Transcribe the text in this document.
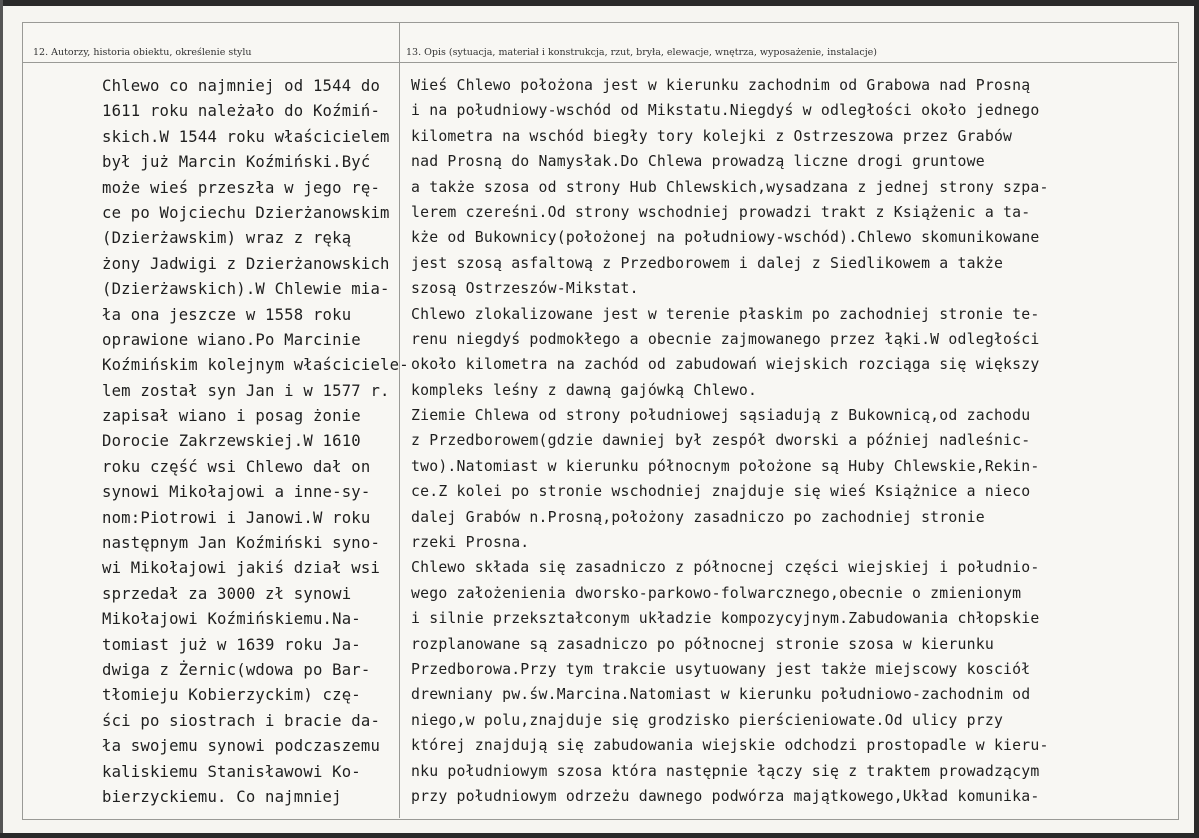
12. Autorzy, historia obiektu, określenie stylu	13. Opis (sytuacja, materiał i konstrukcja, rzut, bryła, elewacje, wnętrza, wyposażenie, instalacje)
Chlewo co najmniej od 1544 do
1611 roku należało do Koźmiń-
skich.W 1544 roku właścicielem
był już Marcin Koźmiński.Być
może wieś przeszła w jego rę-
ce po Wojciechu Dzierżanowskim
(Dzierżawskim) wraz z ręką
żony Jadwigi z Dzierżanowskich
(Dzierżawskich).W Chlewie mia-
ła ona jeszcze w 1558 roku
oprawione wiano.Po Marcinie
Koźmińskim kolejnym właściciele-
lem został syn Jan i w 1577 r.
zapisał wiano i posag żonie
Dorocie Zakrzewskiej.W 1610
roku część wsi Chlewo dał on
synowi Mikołajowi a inne-sy-
nom:Piotrowi i Janowi.W roku
następnym Jan Koźmiński syno-
wi Mikołajowi jakiś dział wsi
sprzedał za 3000 zł synowi
Mikołajowi Koźmińskiemu.Na-
tomiast już w 1639 roku Ja-
dwiga z Żernic(wdowa po Bar-
tłomieju Kobierzyckim) czę-
ści po siostrach i bracie da-
ła swojemu synowi podczaszemu
kaliskiemu Stanisławowi Ko-
bierzyckiemu. Co najmniej
Wieś Chlewo położona jest w kierunku zachodnim od Grabowa nad Prosną
i na południowy-wschód od Mikstatu.Niegdyś w odległości około jednego
kilometra na wschód biegły tory kolejki z Ostrzeszowa przez Grabów
nad Prosną do Namysłak.Do Chlewa prowadzą liczne drogi gruntowe
a także szosa od strony Hub Chlewskich,wysadzana z jednej strony szpa-
lerem czereśni.Od strony wschodniej prowadzi trakt z Książenic a ta-
kże od Bukownicy(położonej na południowy-wschód).Chlewo skomunikowane
jest szosą asfaltową z Przedborowem i dalej z Siedlikowem a także
szosą Ostrzeszów-Mikstat.
Chlewo zlokalizowane jest w terenie płaskim po zachodniej stronie te-
renu niegdyś podmokłego a obecnie zajmowanego przez łąki.W odległości
około kilometra na zachód od zabudowań wiejskich rozciąga się większy
kompleks leśny z dawną gajówką Chlewo.
Ziemie Chlewa od strony południowej sąsiadują z Bukownicą,od zachodu
z Przedborowem(gdzie dawniej był zespół dworski a później nadleśnic-
two).Natomiast w kierunku północnym położone są Huby Chlewskie,Rekin-
ce.Z kolei po stronie wschodniej znajduje się wieś Książnice a nieco
dalej Grabów n.Prosną,położony zasadniczo po zachodniej stronie
rzeki Prosna.
Chlewo składa się zasadniczo z północnej części wiejskiej i południo-
wego założenienia dworsko-parkowo-folwarcznego,obecnie o zmienionym
i silnie przekształconym układzie kompozycyjnym.Zabudowania chłopskie
rozplanowane są zasadniczo po północnej stronie szosa w kierunku
Przedborowa.Przy tym trakcie usytuowany jest także miejscowy kosciół
drewniany pw.św.Marcina.Natomiast w kierunku południowo-zachodnim od
niego,w polu,znajduje się grodzisko pierścieniowate.Od ulicy przy
której znajdują się zabudowania wiejskie odchodzi prostopadle w kieru-
nku południowym szosa która następnie łączy się z traktem prowadzącym
przy południowym odrzeżu dawnego podwórza majątkowego,Układ komunika-
